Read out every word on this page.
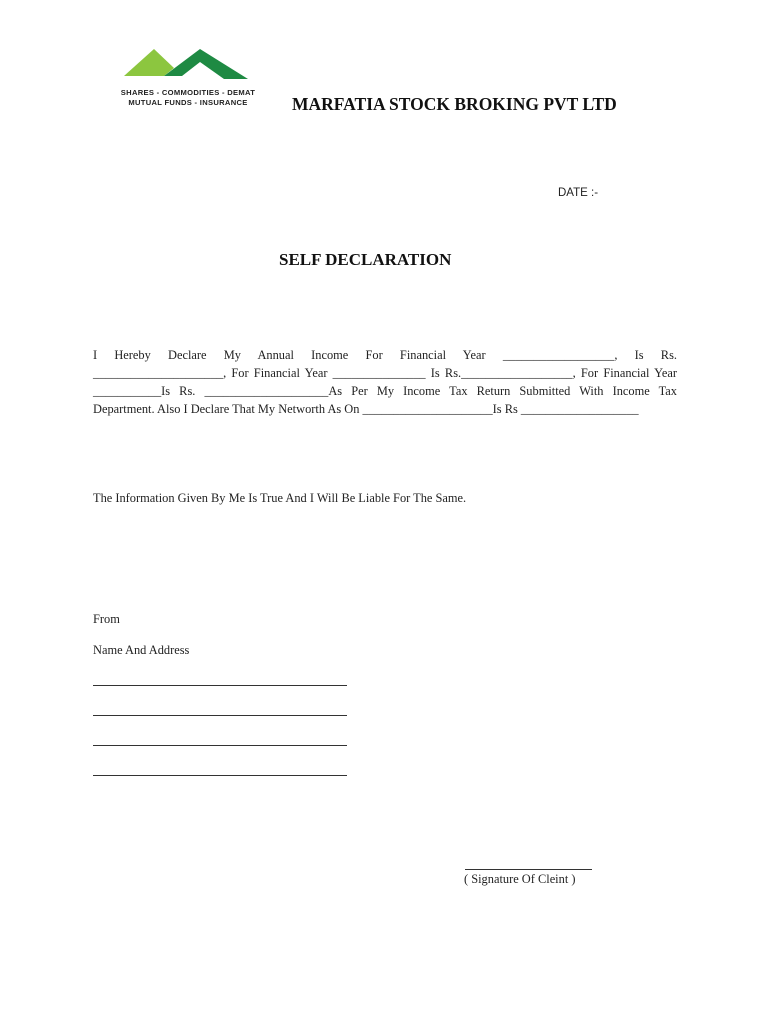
SHARES - COMMODITIES - DEMAT
MUTUAL FUNDS - INSURANCE	MARFATIA STOCK BROKING PVT LTD
DATE :-
SELF DECLARATION
I Hereby Declare My Annual Income For Financial Year __________________, Is Rs.
_____________________, For Financial Year _______________ Is Rs.__________________, For Financial Year
___________Is Rs. ____________________As Per My Income Tax Return Submitted With Income Tax
Department. Also I Declare That My Networth As On _____________________Is Rs ___________________
The Information Given By Me Is True And I Will Be Liable For The Same.
From
Name And Address
( Signature Of Cleint )
